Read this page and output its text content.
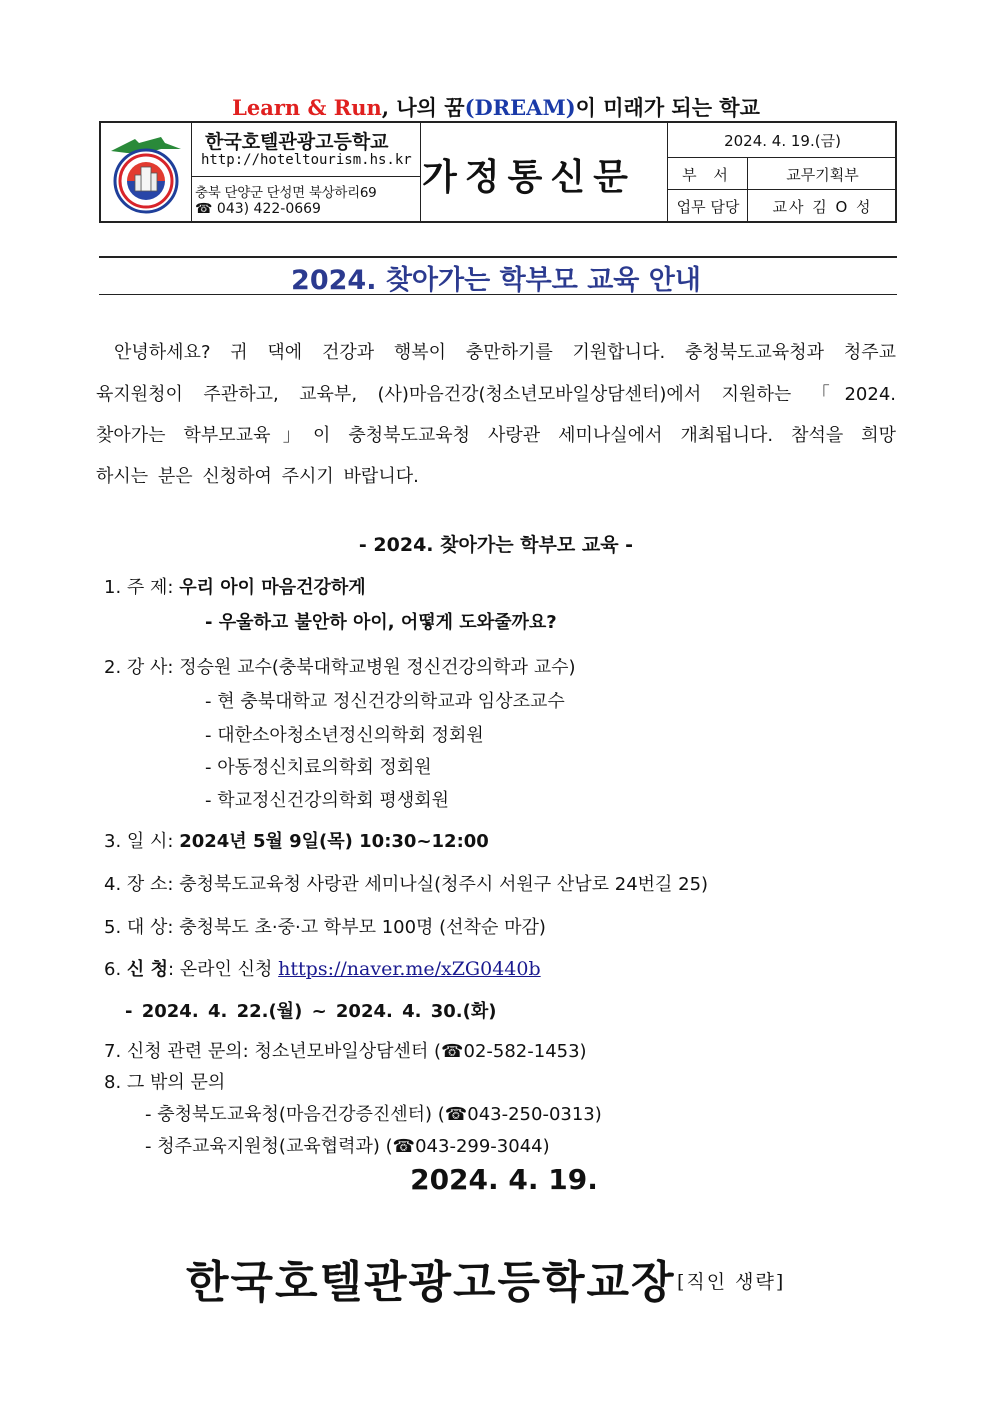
Learn & Run, 나의 꿈(DREAM)이 미래가 되는 학교
한국호텔관광고등학교
http://hoteltourism.hs.kr
충북 단양군 단성면 북상하리69
☎ 043) 422-0669
가정통신문
2024. 4. 19.(금)
부 서	교무기획부
업무 담당	교사 김 O 성
2024. 찾아가는 학부모 교육 안내
안녕하세요? 귀 댁에 건강과 행복이 충만하기를 기원합니다. 충청북도교육청과 청주교
육지원청이 주관하고, 교육부, (사)마음건강(청소년모바일상담센터)에서 지원하는 「2024.
찾아가는 학부모교육」이 충청북도교육청 사랑관 세미나실에서 개최됩니다. 참석을 희망
하시는 분은 신청하여 주시기 바랍니다.
- 2024. 찾아가는 학부모 교육 -
1. 주 제: 우리 아이 마음건강하게
- 우울하고 불안하 아이, 어떻게 도와줄까요?
2. 강 사: 정승원 교수(충북대학교병원 정신건강의학과 교수)
- 현 충북대학교 정신건강의학교과 임상조교수
- 대한소아청소년정신의학회 정회원
- 아동정신치료의학회 정회원
- 학교정신건강의학회 평생회원
3. 일 시: 2024년 5월 9일(목) 10:30~12:00
4. 장 소: 충청북도교육청 사랑관 세미나실(청주시 서원구 산남로 24번길 25)
5. 대 상: 충청북도 초·중·고 학부모 100명 (선착순 마감)
6. 신 청: 온라인 신청 https://naver.me/xZG0440b
- 2024. 4. 22.(월) ~ 2024. 4. 30.(화)
7. 신청 관련 문의: 청소년모바일상담센터 (☎02-582-1453)
8. 그 밖의 문의
- 충청북도교육청(마음건강증진센터) (☎043-250-0313)
- 청주교육지원청(교육협력과) (☎043-299-3044)
2024. 4. 19.
한국호텔관광고등학교장 [직인 생략]
